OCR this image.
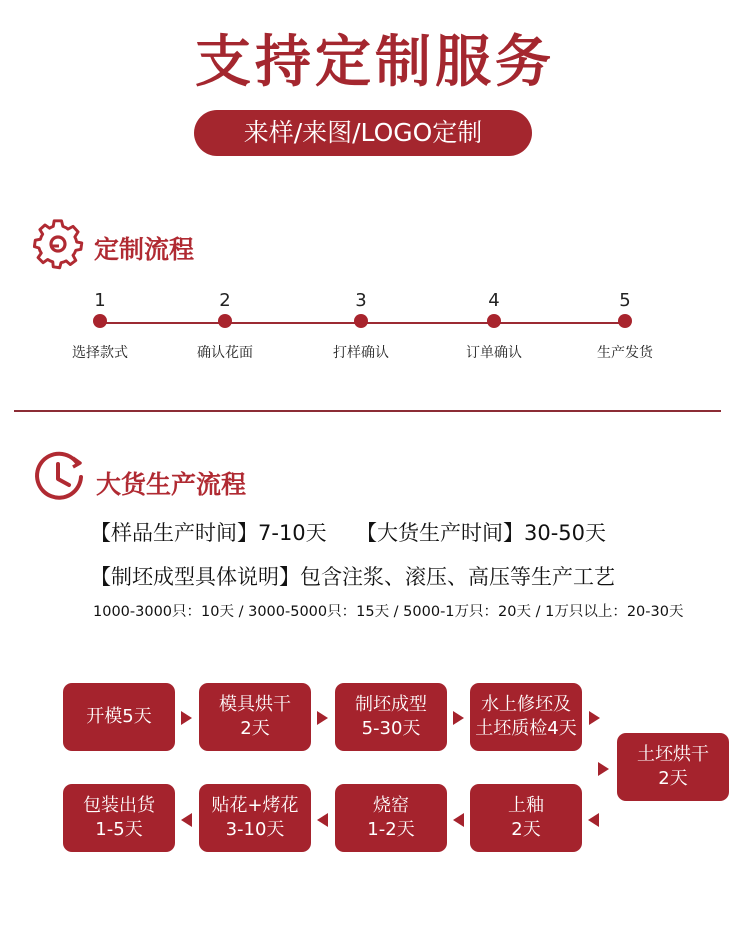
支持定制服务
来样/来图/LOGO定制
定制流程
1
选择款式
2
确认花面
3
打样确认
4
订单确认
5
生产发货
大货生产流程
【样品生产时间】7-10天 【大货生产时间】30-50天
【制坯成型具体说明】包含注浆、滚压、高压等生产工艺
1000-3000只：10天 / 3000-5000只：15天 / 5000-1万只：20天 / 1万只以上：20-30天
开模5天
模具烘干
2天
制坯成型
5-30天
水上修坯及
土坯质检4天
土坯烘干
2天
上釉
2天
烧窑
1-2天
贴花+烤花
3-10天
包装出货
1-5天
